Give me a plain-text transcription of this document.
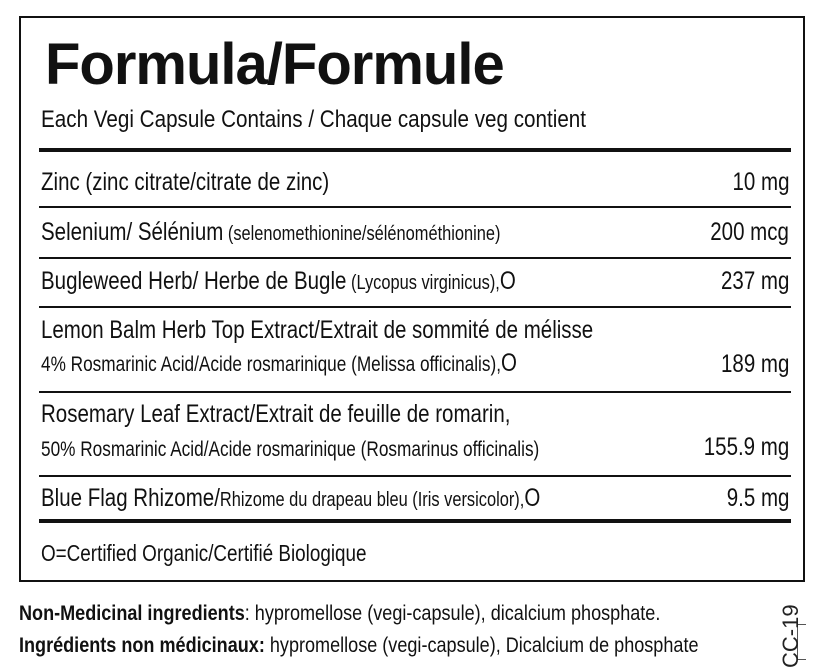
Formula/Formule
Each Vegi Capsule Contains / Chaque capsule veg contient
Zinc (zinc citrate/citrate de zinc)	10 mg
Selenium/ Sélénium (selenomethionine/sélénométhionine)	200 mcg
Bugleweed Herb/ Herbe de Bugle (Lycopus virginicus),O	237 mg
Lemon Balm Herb Top Extract/Extrait de sommité de mélisse
4% Rosmarinic Acid/Acide rosmarinique (Melissa officinalis),O	189 mg
Rosemary Leaf Extract/Extrait de feuille de romarin,
50% Rosmarinic Acid/Acide rosmarinique (Rosmarinus officinalis)	155.9 mg
Blue Flag Rhizome/Rhizome du drapeau bleu (Iris versicolor),O	9.5 mg
O=Certified Organic/Certifié Biologique
Non-Medicinal ingredients: hypromellose (vegi-capsule), dicalcium phosphate.
Ingrédients non médicinaux: hypromellose (vegi-capsule), Dicalcium de phosphate	CC-19
